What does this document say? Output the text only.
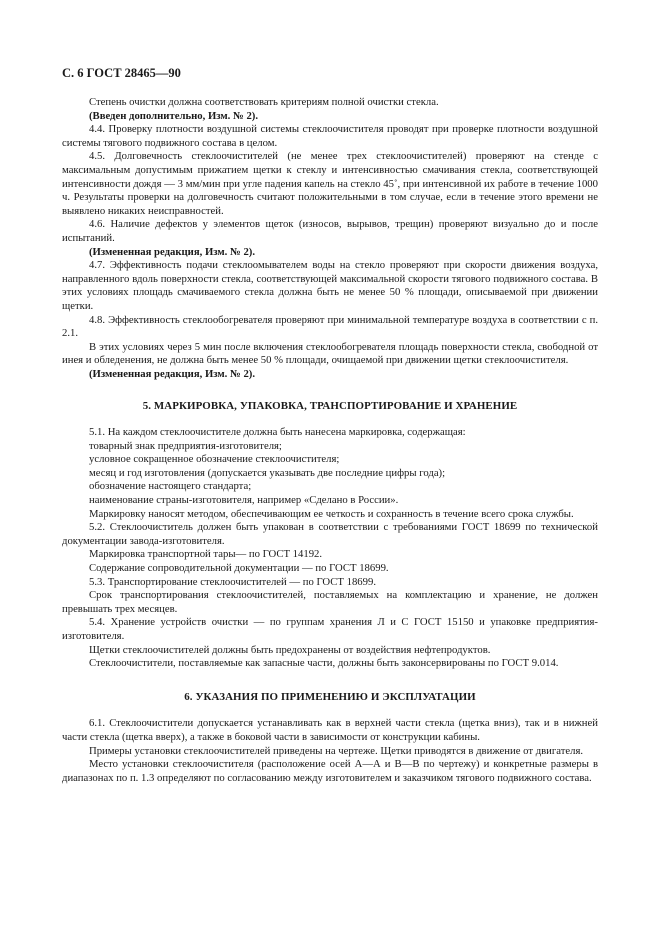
С. 6 ГОСТ 28465—90

Степень очистки должна соответствовать критериям полной очистки стекла.

(Введен дополнительно, Изм. № 2).

4.4. Проверку плотности воздушной системы стеклоочистителя проводят при проверке плотности воздушной системы тягового подвижного состава в целом.

4.5. Долговечность стеклоочистителей (не менее трех стеклоочистителей) проверяют на стенде с максимальным допустимым прижатием щетки к стеклу и интенсивностью смачивания стекла, соответствующей интенсивности дождя — 3 мм/мин при угле падения капель на стекло 45˚, при интенсивной их работе в течение 1000 ч. Результаты проверки на долговечность считают положительными в том случае, если в течение этого времени не выявлено никаких неисправностей.

4.6. Наличие дефектов у элементов щеток (износов, вырывов, трещин) проверяют визуально до и после испытаний.

(Измененная редакция, Изм. № 2).

4.7. Эффективность подачи стеклоомывателем воды на стекло проверяют при скорости движения воздуха, направленного вдоль поверхности стекла, соответствующей максимальной скорости тягового подвижного состава. В этих условиях площадь смачиваемого стекла должна быть не менее 50 % площади, описываемой при движении щетки.

4.8. Эффективность стеклообогревателя проверяют при минимальной температуре воздуха в соответствии с п. 2.1.

В этих условиях через 5 мин после включения стеклообогревателя площадь поверхности стекла, свободной от инея и обледенения, не должна быть менее 50 % площади, очищаемой при движении щетки стеклоочистителя.

(Измененная редакция, Изм. № 2).

5. МАРКИРОВКА, УПАКОВКА, ТРАНСПОРТИРОВАНИЕ И ХРАНЕНИЕ

5.1. На каждом стеклоочистителе должна быть нанесена маркировка, содержащая:

товарный знак предприятия-изготовителя;

условное сокращенное обозначение стеклоочистителя;

месяц и год изготовления (допускается указывать две последние цифры года);

обозначение настоящего стандарта;

наименование страны-изготовителя, например «Сделано в России».

Маркировку наносят методом, обеспечивающим ее четкость и сохранность в течение всего срока службы.

5.2. Стеклоочиститель должен быть упакован в соответствии с требованиями ГОСТ 18699 по технической документации завода-изготовителя.

Маркировка транспортной тары— по ГОСТ 14192.

Содержание сопроводительной документации — по ГОСТ 18699.

5.3. Транспортирование стеклоочистителей — по ГОСТ 18699.

Срок транспортирования стеклоочистителей, поставляемых на комплектацию и хранение, не должен превышать трех месяцев.

5.4. Хранение устройств очистки — по группам хранения Л и С ГОСТ 15150 и упаковке предприятия-изготовителя.

Щетки стеклоочистителей должны быть предохранены от воздействия нефтепродуктов.

Стеклоочистители, поставляемые как запасные части, должны быть законсервированы по ГОСТ 9.014.

6. УКАЗАНИЯ ПО ПРИМЕНЕНИЮ И ЭКСПЛУАТАЦИИ

6.1. Стеклоочистители допускается устанавливать как в верхней части стекла (щетка вниз), так и в нижней части стекла (щетка вверх), а также в боковой части в зависимости от конструкции кабины.

Примеры установки стеклоочистителей приведены на чертеже. Щетки приводятся в движение от двигателя.

Место установки стеклоочистителя (расположение осей А—А и В—В по чертежу) и конкретные размеры в диапазонах по п. 1.3 определяют по согласованию между изготовителем и заказчиком тягового подвижного состава.
